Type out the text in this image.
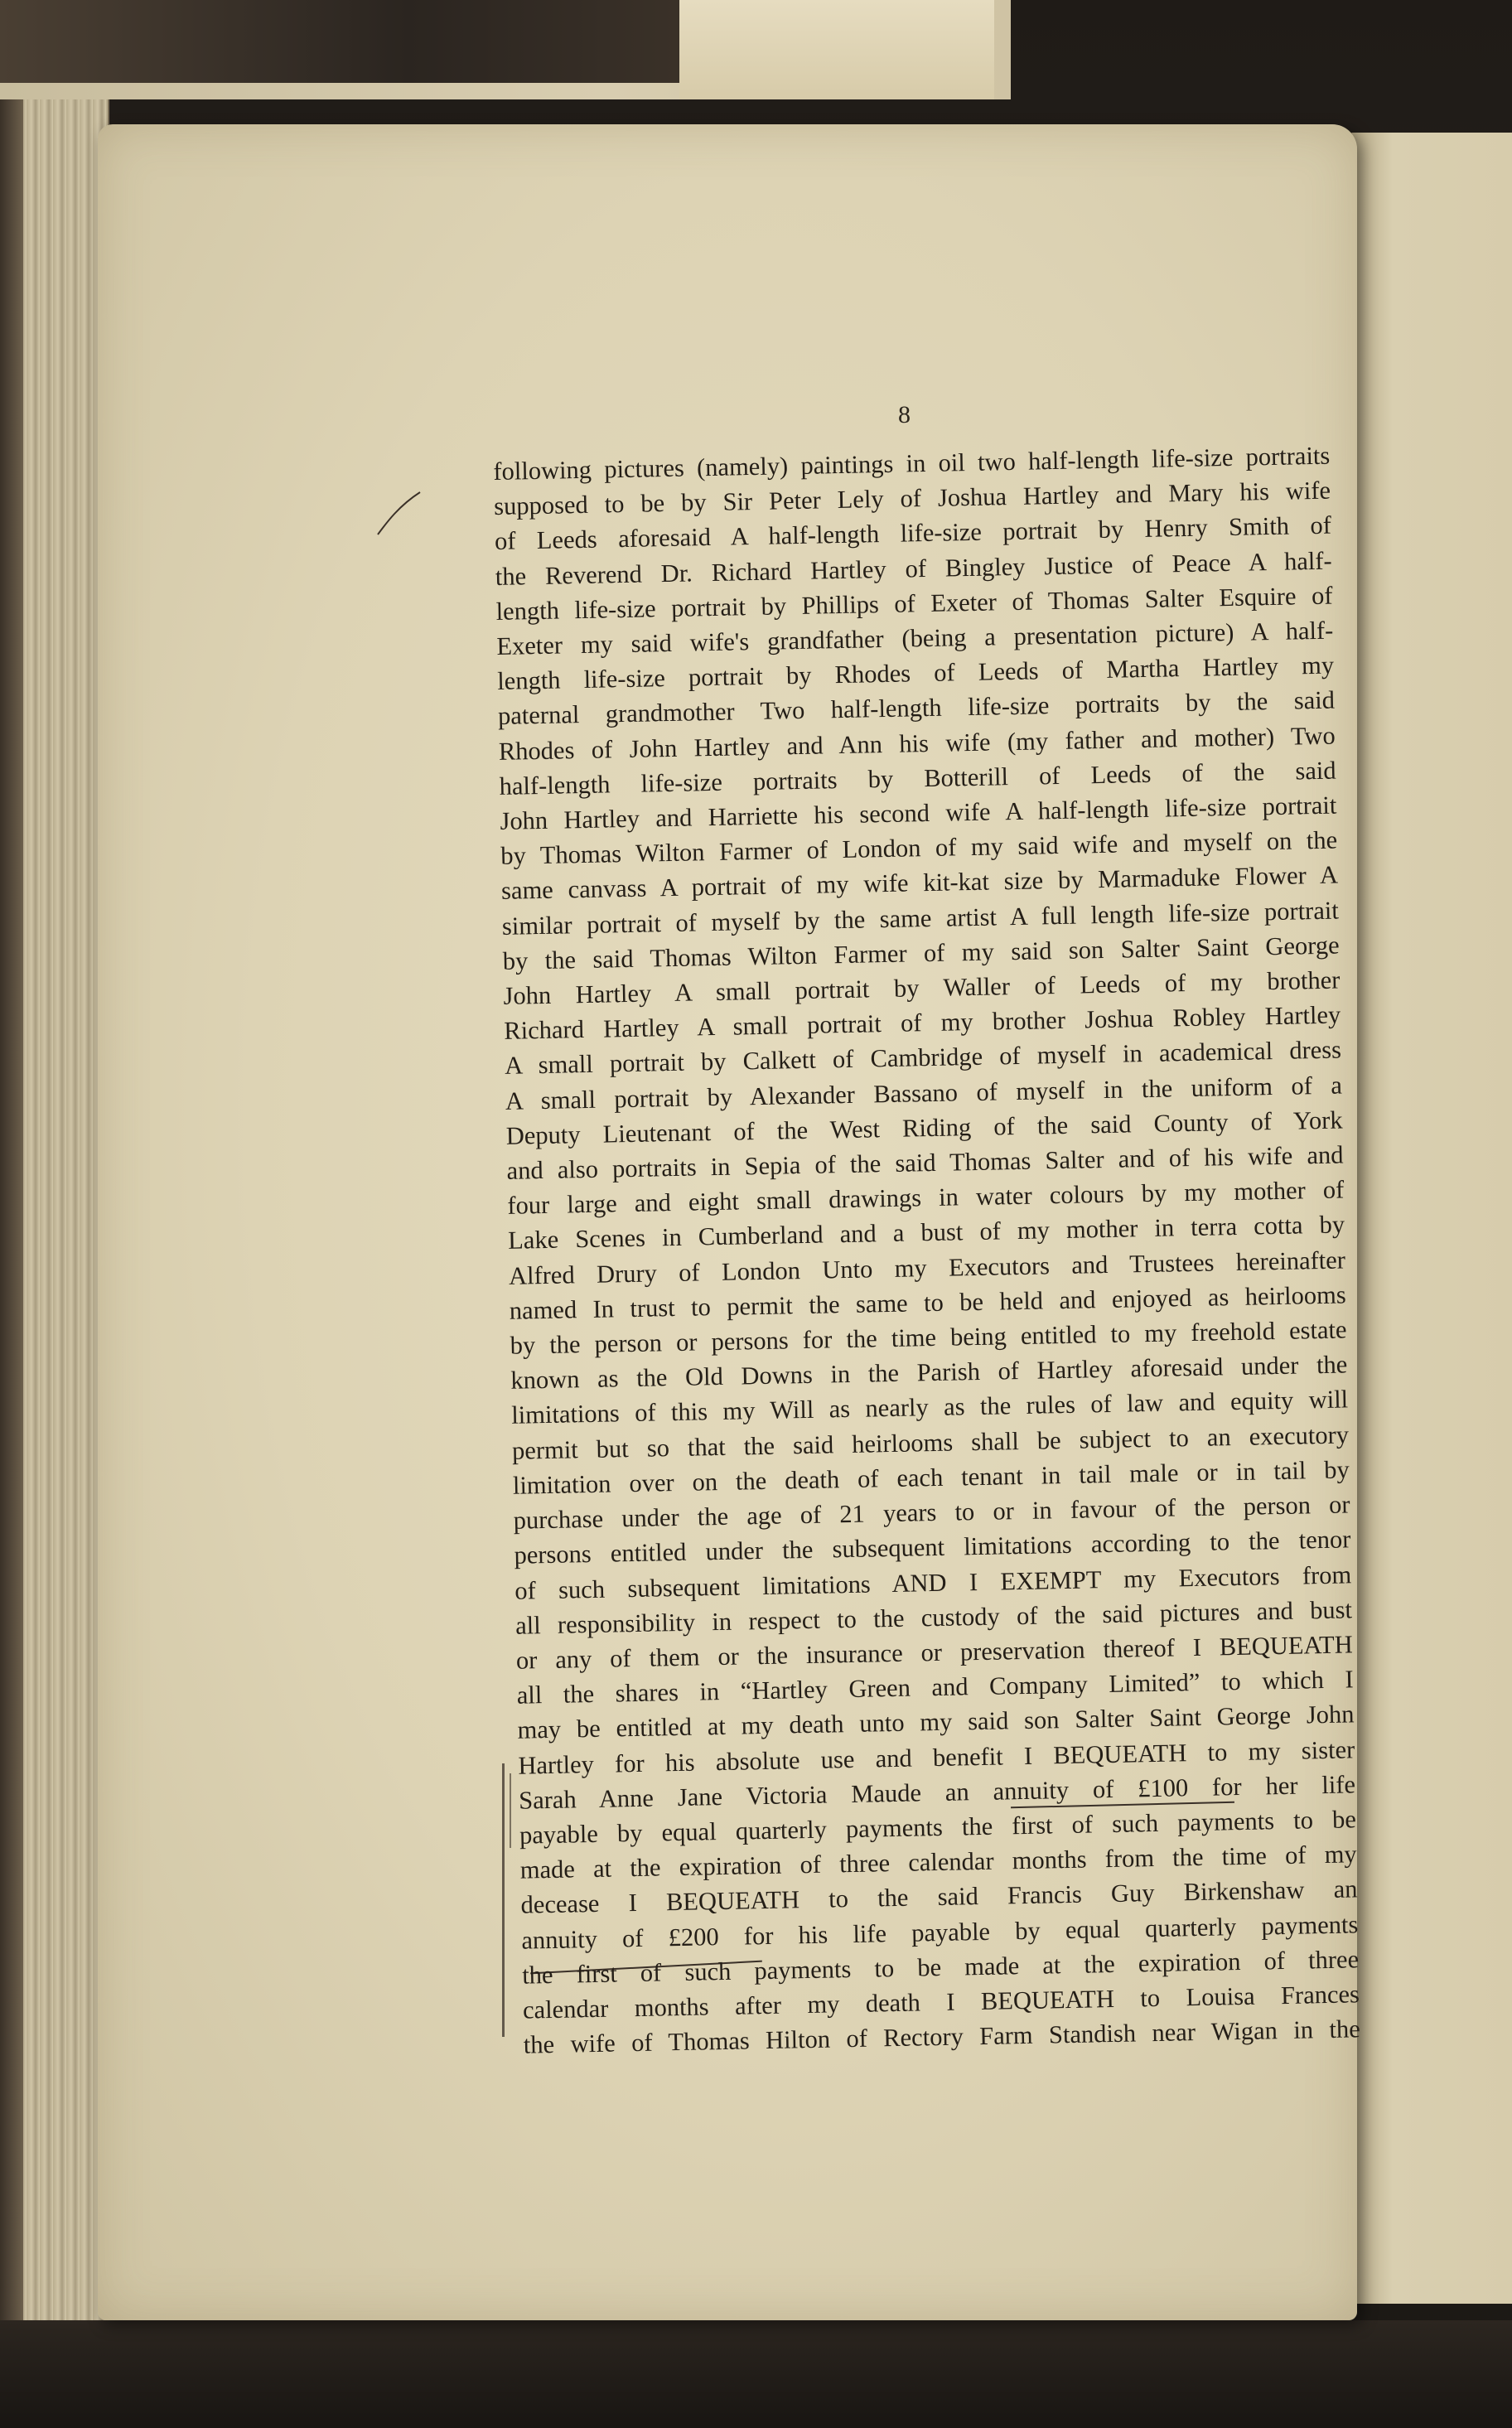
8
following pictures (namely) paintings in oil two half-length life-size portraits
supposed to be by Sir Peter Lely of Joshua Hartley and Mary his wife
of Leeds aforesaid A half-length life-size portrait by Henry Smith of
the Reverend Dr. Richard Hartley of Bingley Justice of Peace A half-
length life-size portrait by Phillips of Exeter of Thomas Salter Esquire of
Exeter my said wife's grandfather (being a presentation picture) A half-
length life-size portrait by Rhodes of Leeds of Martha Hartley my
paternal grandmother Two half-length life-size portraits by the said
Rhodes of John Hartley and Ann his wife (my father and mother) Two
half-length life-size portraits by Botterill of Leeds of the said
John Hartley and Harriette his second wife A half-length life-size portrait
by Thomas Wilton Farmer of London of my said wife and myself on the
same canvass A portrait of my wife kit-kat size by Marmaduke Flower A
similar portrait of myself by the same artist A full length life-size portrait
by the said Thomas Wilton Farmer of my said son Salter Saint George
John Hartley A small portrait by Waller of Leeds of my brother
Richard Hartley A small portrait of my brother Joshua Robley Hartley
A small portrait by Calkett of Cambridge of myself in academical dress
A small portrait by Alexander Bassano of myself in the uniform of a
Deputy Lieutenant of the West Riding of the said County of York
and also portraits in Sepia of the said Thomas Salter and of his wife and
four large and eight small drawings in water colours by my mother of
Lake Scenes in Cumberland and a bust of my mother in terra cotta by
Alfred Drury of London Unto my Executors and Trustees hereinafter
named In trust to permit the same to be held and enjoyed as heirlooms
by the person or persons for the time being entitled to my freehold estate
known as the Old Downs in the Parish of Hartley aforesaid under the
limitations of this my Will as nearly as the rules of law and equity will
permit but so that the said heirlooms shall be subject to an executory
limitation over on the death of each tenant in tail male or in tail by
purchase under the age of 21 years to or in favour of the person or
persons entitled under the subsequent limitations according to the tenor
of such subsequent limitations AND I EXEMPT my Executors from
all responsibility in respect to the custody of the said pictures and bust
or any of them or the insurance or preservation thereof I BEQUEATH
all the shares in “Hartley Green and Company Limited” to which I
may be entitled at my death unto my said son Salter Saint George John
Hartley for his absolute use and benefit I BEQUEATH to my sister
Sarah Anne Jane Victoria Maude an annuity of £100 for her life
payable by equal quarterly payments the first of such payments to be
made at the expiration of three calendar months from the time of my
decease I BEQUEATH to the said Francis Guy Birkenshaw an
annuity of £200 for his life payable by equal quarterly payments
the first of such payments to be made at the expiration of three
calendar months after my death I BEQUEATH to Louisa Frances
the wife of Thomas Hilton of Rectory Farm Standish near Wigan in the
